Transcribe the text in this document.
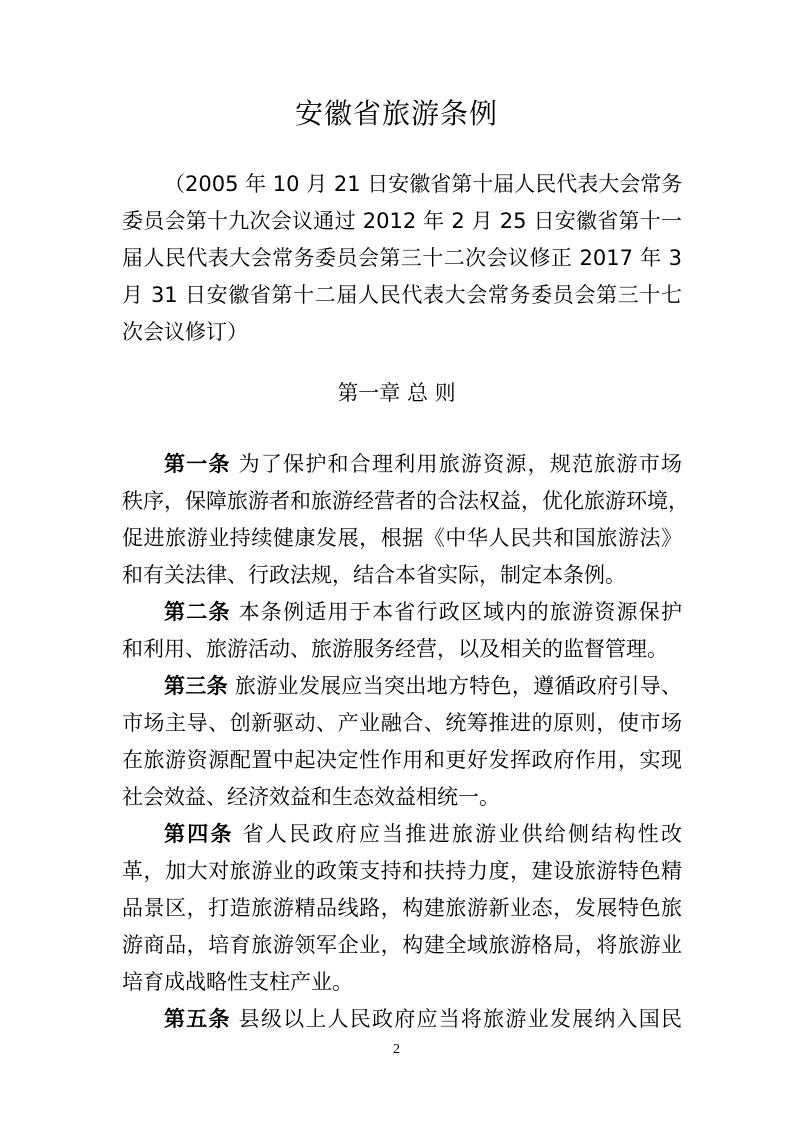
安徽省旅游条例
（2005 年 10 月 21 日安徽省第十届人民代表大会常务
委员会第十九次会议通过 2012 年 2 月 25 日安徽省第十一
届人民代表大会常务委员会第三十二次会议修正 2017 年 3
月 31 日安徽省第十二届人民代表大会常务委员会第三十七
次会议修订）
第一章 总 则
第一条 为了保护和合理利用旅游资源，规范旅游市场
秩序，保障旅游者和旅游经营者的合法权益，优化旅游环境，
促进旅游业持续健康发展，根据《中华人民共和国旅游法》
和有关法律、行政法规，结合本省实际，制定本条例。
第二条 本条例适用于本省行政区域内的旅游资源保护
和利用、旅游活动、旅游服务经营，以及相关的监督管理。
第三条 旅游业发展应当突出地方特色，遵循政府引导、
市场主导、创新驱动、产业融合、统筹推进的原则，使市场
在旅游资源配置中起决定性作用和更好发挥政府作用，实现
社会效益、经济效益和生态效益相统一。
第四条 省人民政府应当推进旅游业供给侧结构性改
革，加大对旅游业的政策支持和扶持力度，建设旅游特色精
品景区，打造旅游精品线路，构建旅游新业态，发展特色旅
游商品，培育旅游领军企业，构建全域旅游格局，将旅游业
培育成战略性支柱产业。
第五条 县级以上人民政府应当将旅游业发展纳入国民
2
